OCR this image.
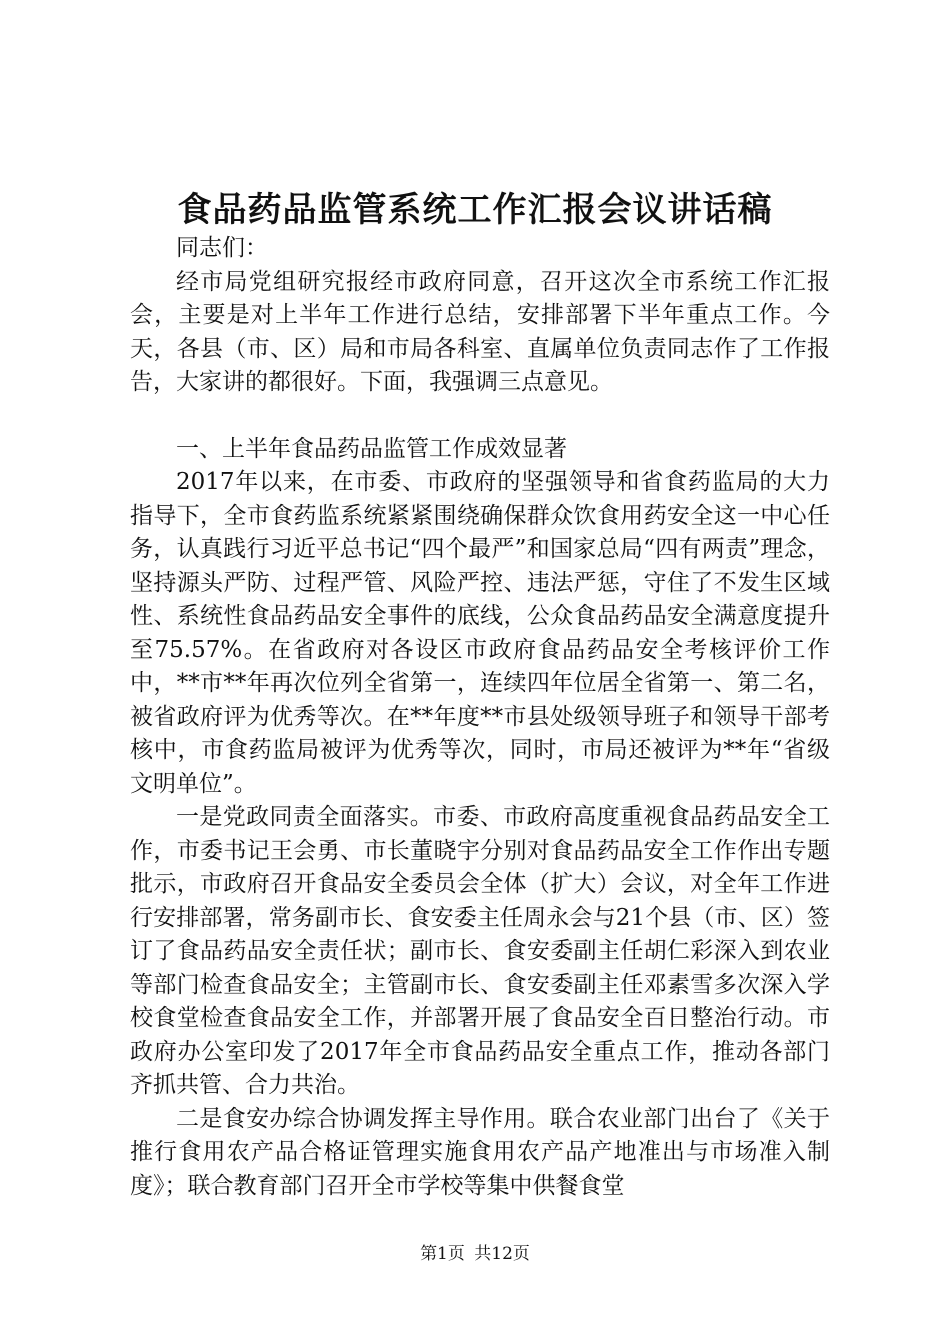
食品药品监管系统工作汇报会议讲话稿

同志们：

经市局党组研究报经市政府同意，召开这次全市系统工作汇报会，主要是对上半年工作进行总结，安排部署下半年重点工作。今天，各县（市、区）局和市局各科室、直属单位负责同志作了工作报告，大家讲的都很好。下面，我强调三点意见。

一、上半年食品药品监管工作成效显著

2017年以来，在市委、市政府的坚强领导和省食药监局的大力指导下，全市食药监系统紧紧围绕确保群众饮食用药安全这一中心任务，认真践行习近平总书记“四个最严”和国家总局“四有两责”理念，坚持源头严防、过程严管、风险严控、违法严惩，守住了不发生区域性、系统性食品药品安全事件的底线，公众食品药品安全满意度提升至75.57%。在省政府对各设区市政府食品药品安全考核评价工作中，**市**年再次位列全省第一，连续四年位居全省第一、第二名，被省政府评为优秀等次。在**年度**市县处级领导班子和领导干部考核中，市食药监局被评为优秀等次，同时，市局还被评为**年“省级文明单位”。

一是党政同责全面落实。市委、市政府高度重视食品药品安全工作，市委书记王会勇、市长董晓宇分别对食品药品安全工作作出专题批示，市政府召开食品安全委员会全体（扩大）会议，对全年工作进行安排部署，常务副市长、食安委主任周永会与21个县（市、区）签订了食品药品安全责任状；副市长、食安委副主任胡仁彩深入到农业等部门检查食品安全；主管副市长、食安委副主任邓素雪多次深入学校食堂检查食品安全工作，并部署开展了食品安全百日整治行动。市政府办公室印发了2017年全市食品药品安全重点工作，推动各部门齐抓共管、合力共治。

二是食安办综合协调发挥主导作用。联合农业部门出台了《关于推行食用农产品合格证管理实施食用农产品产地准出与市场准入制度》；联合教育部门召开全市学校等集中供餐食堂

第1页 共12页
